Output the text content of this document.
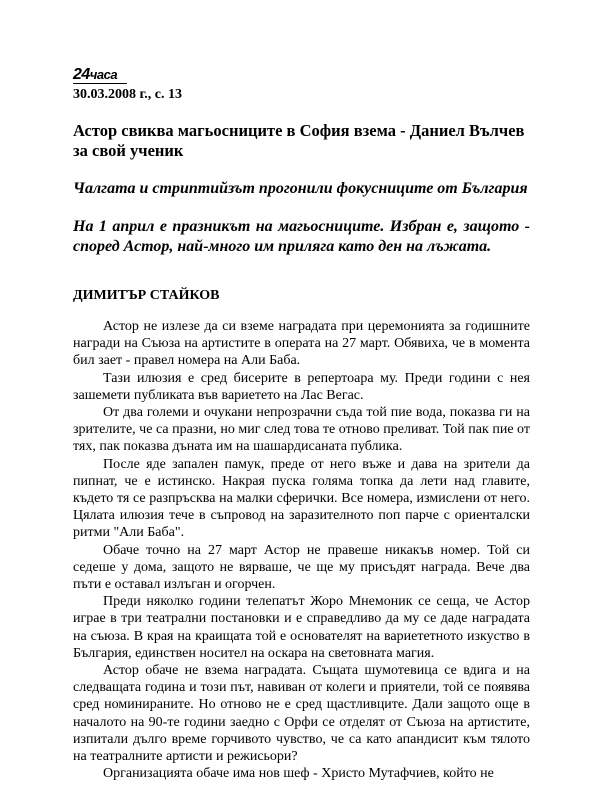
24часа
30.03.2008 г., с. 13
Астор свиква магьосниците в София взема - Даниел Вълчев за свой ученик
Чалгата и стриптийзът прогонили фокусниците от България
На 1 април е празникът на магьосниците. Избран е, защото - според Астор, най-много им приляга като ден на лъжата.
ДИМИТЪР СТАЙКОВ

Астор не излезе да си вземе наградата при церемонията за годишните награди на Съюза на артистите в операта на 27 март. Обявиха, че в момента бил зает - правел номера на Али Баба.

Тази илюзия е сред бисерите в репертоара му. Преди години с нея зашемети публиката във вариетето на Лас Вегас.

От два големи и очукани непрозрачни съда той пие вода, показва ги на зрителите, че са празни, но миг след това те отново преливат. Той пак пие от тях, пак показва дъната им на шашардисаната публика.

После яде запален памук, преде от него въже и дава на зрители да пипнат, че е истинско. Накрая пуска голяма топка да лети над главите, където тя се разпръсква на малки сферички. Все номера, измислени от него. Цялата илюзия тече в съпровод на заразителното поп парче с ориенталски ритми "Али Баба".

Обаче точно на 27 март Астор не правеше никакъв номер. Той си седеше у дома, защото не вярваше, че ще му присъдят награда. Вече два пъти е оставал излъган и огорчен.

Преди няколко години телепатът Жоро Мнемоник се сеща, че Астор играе в три театрални постановки и е справедливо да му се даде наградата на съюза. В края на краищата той е основателят на вариететното изкуство в България, единствен носител на оскара на световната магия.

Астор обаче не взема наградата. Същата шумотевица се вдига и на следващата година и този път, навиван от колеги и приятели, той се появява сред номинираните. Но отново не е сред щастливците. Дали защото още в началото на 90-те години заедно с Орфи се отделят от Съюза на артистите, изпитали дълго време горчивото чувство, че са като апандисит към тялото на театралните артисти и режисьори?

Организацията обаче има нов шеф - Христо Мутафчиев, който не
